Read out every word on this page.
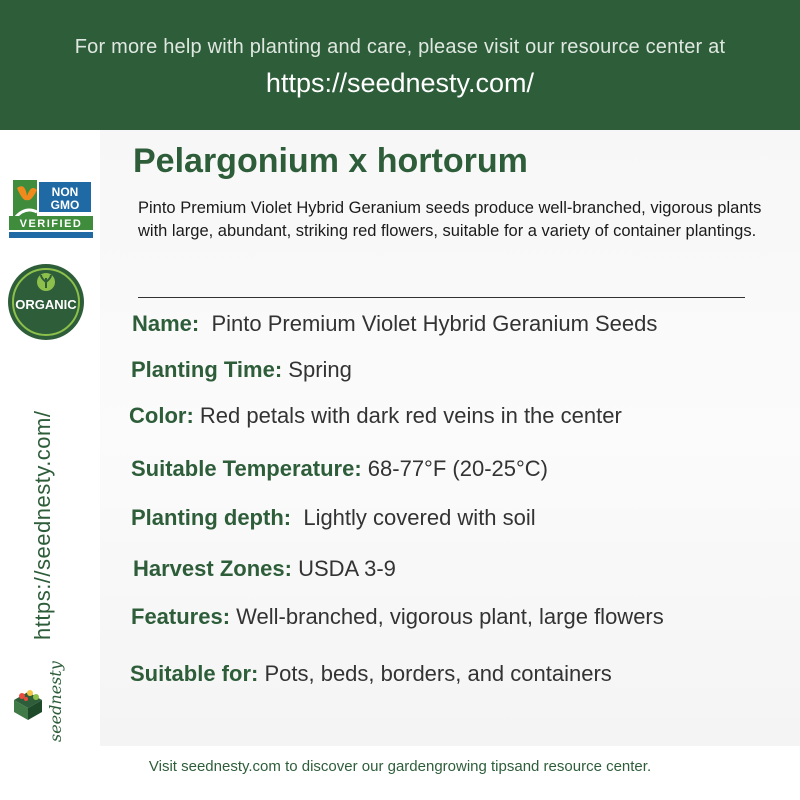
For more help with planting and care, please visit our resource center at
https://seednesty.com/
NON
GMO
VERIFIED
ORGANIC
https://seednesty.com/
seednesty
Pelargonium x hortorum

Pinto Premium Violet Hybrid Geranium seeds produce well-branched, vigorous plants with large, abundant, striking red flowers, suitable for a variety of container plantings.

Name: Pinto Premium Violet Hybrid Geranium Seeds
Planting Time: Spring
Color: Red petals with dark red veins in the center
Suitable Temperature: 68-77°F (20-25°C)
Planting depth: Lightly covered with soil
Harvest Zones: USDA 3-9
Features: Well-branched, vigorous plant, large flowers
Suitable for: Pots, beds, borders, and containers
Visit seednesty.com to discover our gardengrowing tipsand resource center.
